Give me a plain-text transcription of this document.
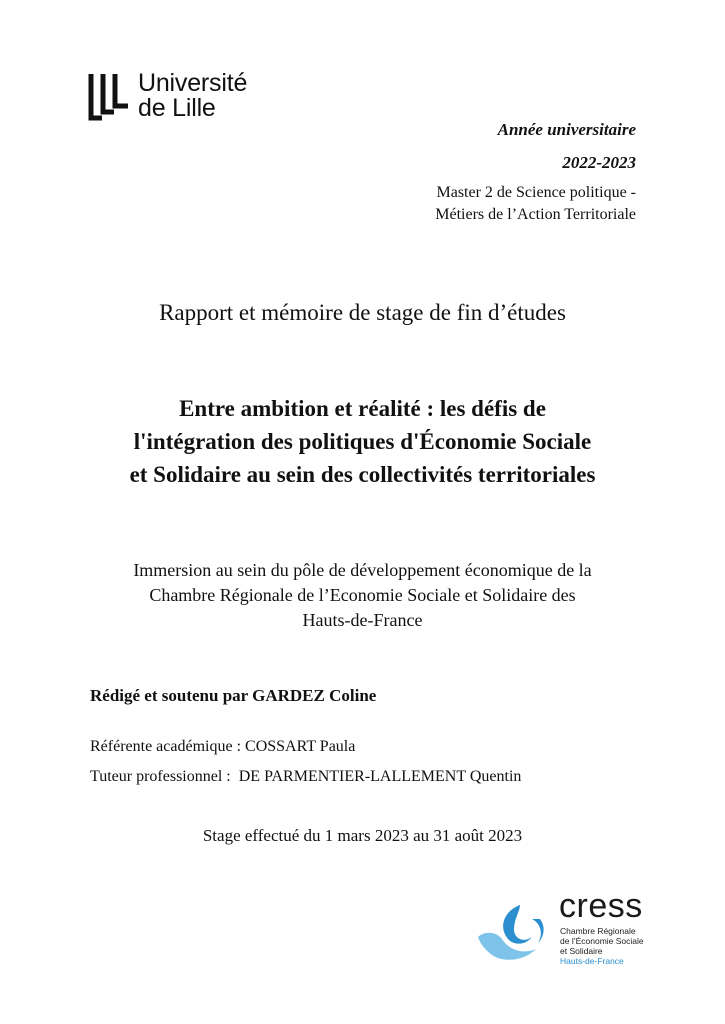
Université
de Lille
Année universitaire
2022-2023
Master 2 de Science politique -
Métiers de l’Action Territoriale
Rapport et mémoire de stage de fin d’études
Entre ambition et réalité : les défis de
l'intégration des politiques d'Économie Sociale
et Solidaire au sein des collectivités territoriales
Immersion au sein du pôle de développement économique de la
Chambre Régionale de l’Economie Sociale et Solidaire des
Hauts-de-France
Rédigé et soutenu par GARDEZ Coline
Référente académique : COSSART Paula
Tuteur professionnel : DE PARMENTIER-LALLEMENT Quentin
Stage effectué du 1 mars 2023 au 31 août 2023
cress
Chambre Régionale
de l’Économie Sociale
et Solidaire
Hauts-de-France
